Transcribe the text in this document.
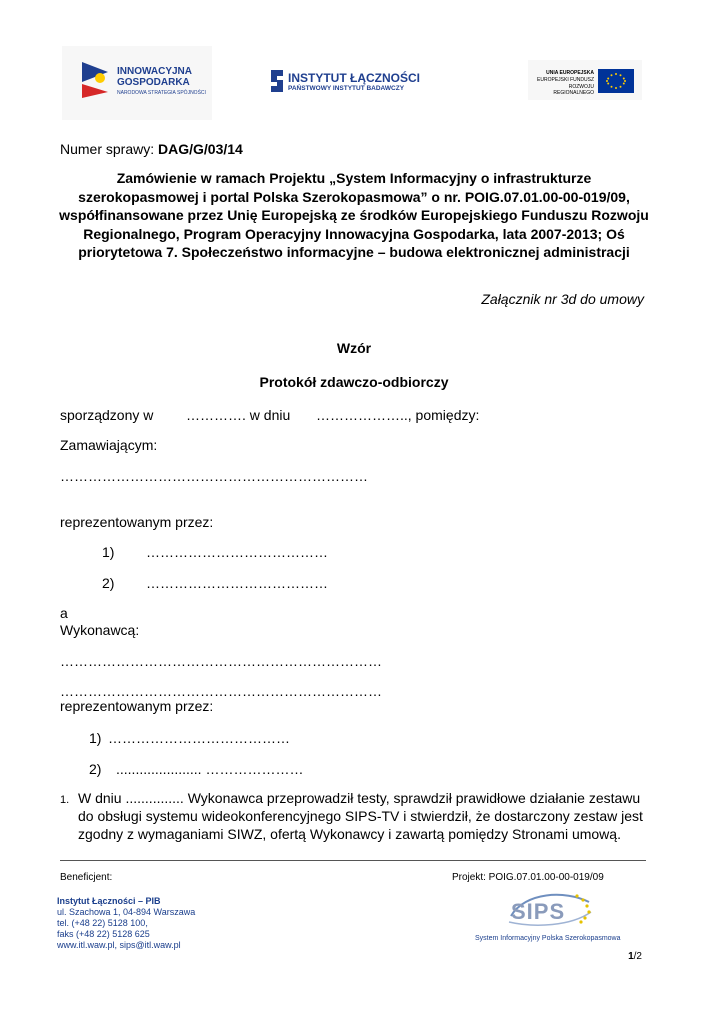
INNOWACYJNA
GOSPODARKA
NARODOWA STRATEGIA SPÓJNOŚCI
INSTYTUT ŁĄCZNOŚCI
PAŃSTWOWY INSTYTUT BADAWCZY
UNIA EUROPEJSKA
EUROPEJSKI FUNDUSZ
ROZWOJU REGIONALNEGO
Numer sprawy: DAG/G/03/14
Zamówienie w ramach Projektu „System Informacyjny o infrastrukturze szerokopasmowej i portal Polska Szerokopasmowa” o nr. POIG.07.01.00-00-019/09, współfinansowane przez Unię Europejską ze środków Europejskiego Funduszu Rozwoju Regionalnego, Program Operacyjny Innowacyjna Gospodarka, lata 2007-2013; Oś priorytetowa 7. Społeczeństwo informacyjne – budowa elektronicznej administracji
Załącznik nr 3d do umowy
Wzór
Protokół zdawczo-odbiorczy
sporządzony w …………. w dniu ……………….., pomiędzy:
Zamawiającym:
…………………………………………………………
reprezentowanym przez:
1) …………………………………
2) …………………………………
a
Wykonawcą:
……………………………………………………………
……………………………………………………………
reprezentowanym przez:
1) …………………………………
2) ...................... …………………
1. W dniu ............... Wykonawca przeprowadził testy, sprawdził prawidłowe działanie zestawu do obsługi systemu wideokonferencyjnego SIPS-TV i stwierdził, że dostarczony zestaw jest zgodny z wymaganiami SIWZ, ofertą Wykonawcy i zawartą pomiędzy Stronami umową.
Beneficjent:	Projekt: POIG.07.01.00-00-019/09
Instytut Łączności – PIB
ul. Szachowa 1, 04-894 Warszawa
tel. (+48 22) 5128 100,
faks (+48 22) 5128 625
www.itl.waw.pl, sips@itl.waw.pl
SIPS
System Informacyjny Polska Szerokopasmowa
1/2
